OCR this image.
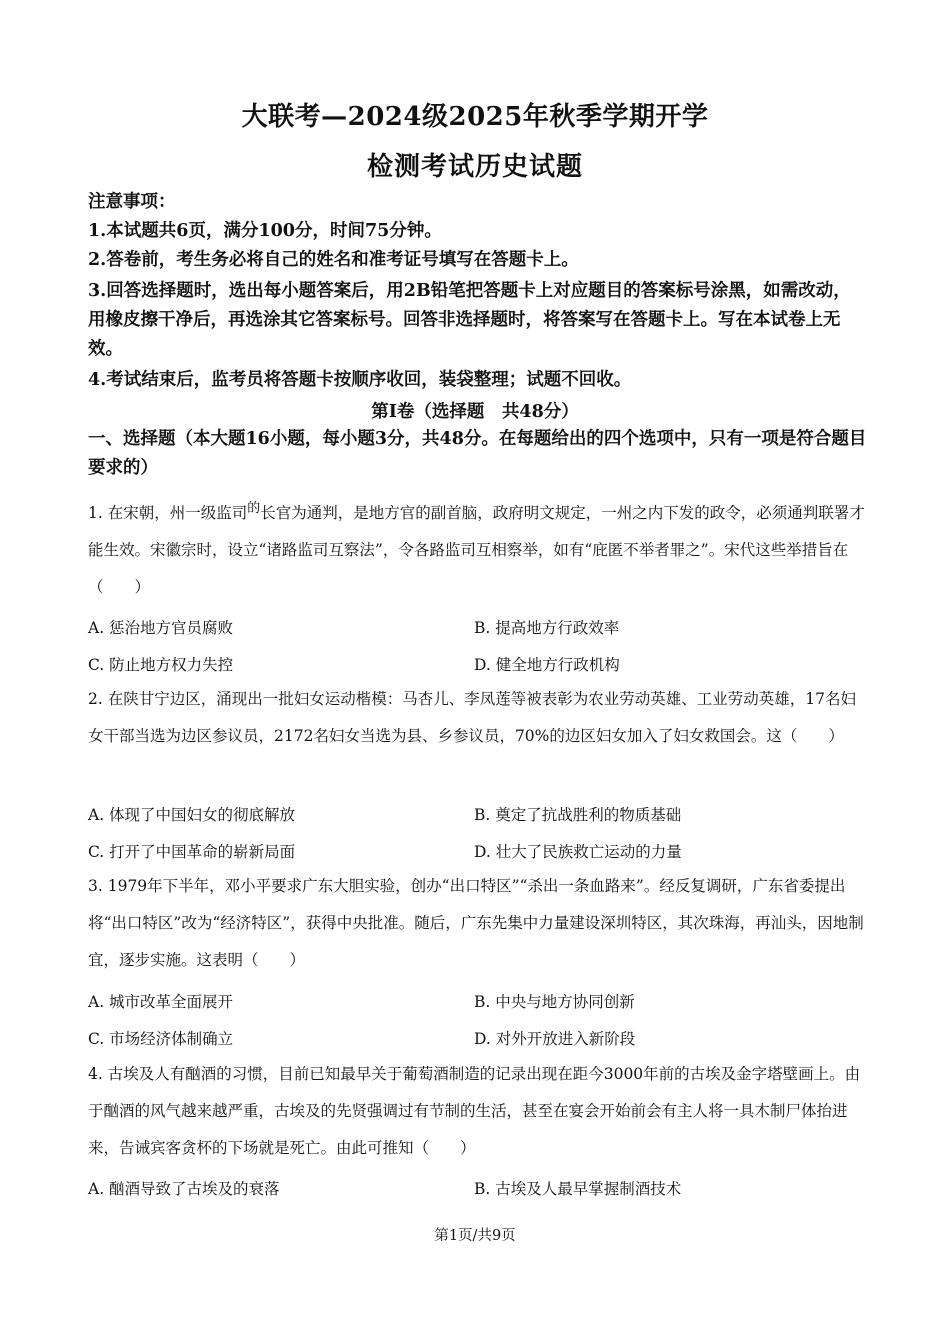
大联考—2024级2025年秋季学期开学
检测考试历史试题
注意事项：
1.本试题共6页，满分100分，时间75分钟。
2.答卷前，考生务必将自己的姓名和准考证号填写在答题卡上。
3.回答选择题时，选出每小题答案后，用2B铅笔把答题卡上对应题目的答案标号涂黑，如需改动，用橡皮擦干净后，再选涂其它答案标号。回答非选择题时，将答案写在答题卡上。写在本试卷上无效。
4.考试结束后，监考员将答题卡按顺序收回，装袋整理；试题不回收。
第Ⅰ卷（选择题　共48分）
一、选择题（本大题16小题，每小题3分，共48分。在每题给出的四个选项中，只有一项是符合题目要求的）
1. 在宋朝，州一级监司$^的$长官为通判，是地方官的副首脑，政府明文规定，一州之内下发的政令，必须通判联署才能生效。宋徽宗时，设立“诸路监司互察法”，令各路监司互相察举，如有“庇匿不举者罪之”。宋代这些举措旨在（　　）
A. 惩治地方官员腐败	B. 提高地方行政效率
C. 防止地方权力失控	D. 健全地方行政机构
2. 在陕甘宁边区，涌现出一批妇女运动楷模：马杏儿、李凤莲等被表彰为农业劳动英雄、工业劳动英雄，17名妇女干部当选为边区参议员，2172名妇女当选为县、乡参议员，70%的边区妇女加入了妇女救国会。这（　　）
A. 体现了中国妇女的彻底解放	B. 奠定了抗战胜利的物质基础
C. 打开了中国革命的崭新局面	D. 壮大了民族救亡运动的力量
3. 1979年下半年，邓小平要求广东大胆实验，创办“出口特区”“杀出一条血路来”。经反复调研，广东省委提出将“出口特区”改为“经济特区”，获得中央批准。随后，广东先集中力量建设深圳特区，其次珠海，再汕头，因地制宜，逐步实施。这表明（　　）
A. 城市改革全面展开	B. 中央与地方协同创新
C. 市场经济体制确立	D. 对外开放进入新阶段
4. 古埃及人有酗酒的习惯，目前已知最早关于葡萄酒制造的记录出现在距今3000年前的古埃及金字塔壁画上。由于酗酒的风气越来越严重，古埃及的先贤强调过有节制的生活，甚至在宴会开始前会有主人将一具木制尸体抬进来，告诫宾客贪杯的下场就是死亡。由此可推知（　　）
A. 酗酒导致了古埃及的衰落	B. 古埃及人最早掌握制酒技术
第1页/共9页
